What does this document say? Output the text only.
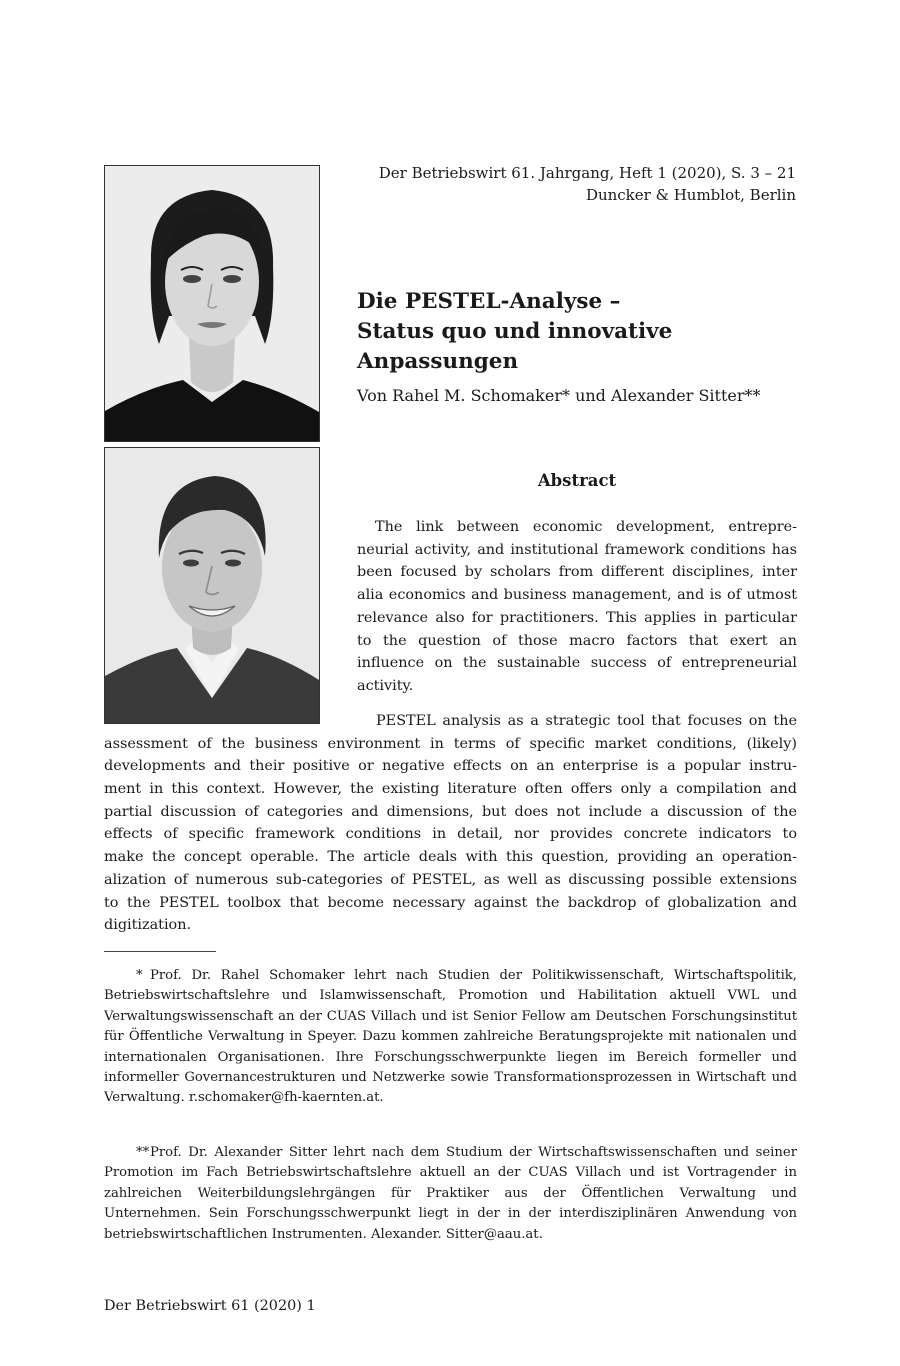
Der Betriebswirt 61. Jahrgang, Heft 1 (2020), S. 3 – 21
Duncker & Humblot, Berlin
Die PESTEL-Analyse –
Status quo und innovative Anpassungen
Von Rahel M. Schomaker* und Alexander Sitter**
Abstract

The link between economic development, entrepreneurial activity, and institutional framework conditions has been focused by scholars from different disciplines, inter alia economics and business management, and is of utmost relevance also for practitioners. This applies in particular to the question of those macro factors that exert an influence on the sustainable success of entrepreneurial activity.

PESTEL analysis as a strategic tool that focuses on the
assessment of the business environment in terms of specific market conditions, (likely)
developments and their positive or negative effects on an enterprise is a popular instru-
ment in this context. However, the existing literature often offers only a compilation and
partial discussion of categories and dimensions, but does not include a discussion of the
effects of specific framework conditions in detail, nor provides concrete indicators to
make the concept operable. The article deals with this question, providing an operation-
alization of numerous sub-categories of PESTEL, as well as discussing possible extensions
to the PESTEL toolbox that become necessary against the backdrop of globalization and
digitization.

* Prof. Dr. Rahel Schomaker lehrt nach Studien der Politikwissenschaft, Wirtschaftspolitik, Betriebswirtschaftslehre und Islamwissenschaft, Promotion und Habilitation aktuell VWL und Verwaltungswissenschaft an der CUAS Villach und ist Senior Fellow am Deutschen Forschungsinstitut für Öffentliche Verwaltung in Speyer. Dazu kommen zahlreiche Beratungsprojekte mit nationalen und internationalen Organisationen. Ihre Forschungsschwerpunkte liegen im Bereich formeller und informeller Governancestrukturen und Netzwerke sowie Transformationsprozessen in Wirtschaft und Verwaltung. r.schomaker@fh-kaernten.at.

**Prof. Dr. Alexander Sitter lehrt nach dem Studium der Wirtschaftswissenschaften und seiner Promotion im Fach Betriebswirtschaftslehre aktuell an der CUAS Villach und ist Vortragender in zahlreichen Weiterbildungslehrgängen für Praktiker aus der Öffentlichen Verwaltung und Unternehmen. Sein Forschungsschwerpunkt liegt in der in der interdisziplinären Anwendung von betriebswirtschaftlichen Instrumenten. Alexander. Sitter@aau.at.

Der Betriebswirt 61 (2020) 1
